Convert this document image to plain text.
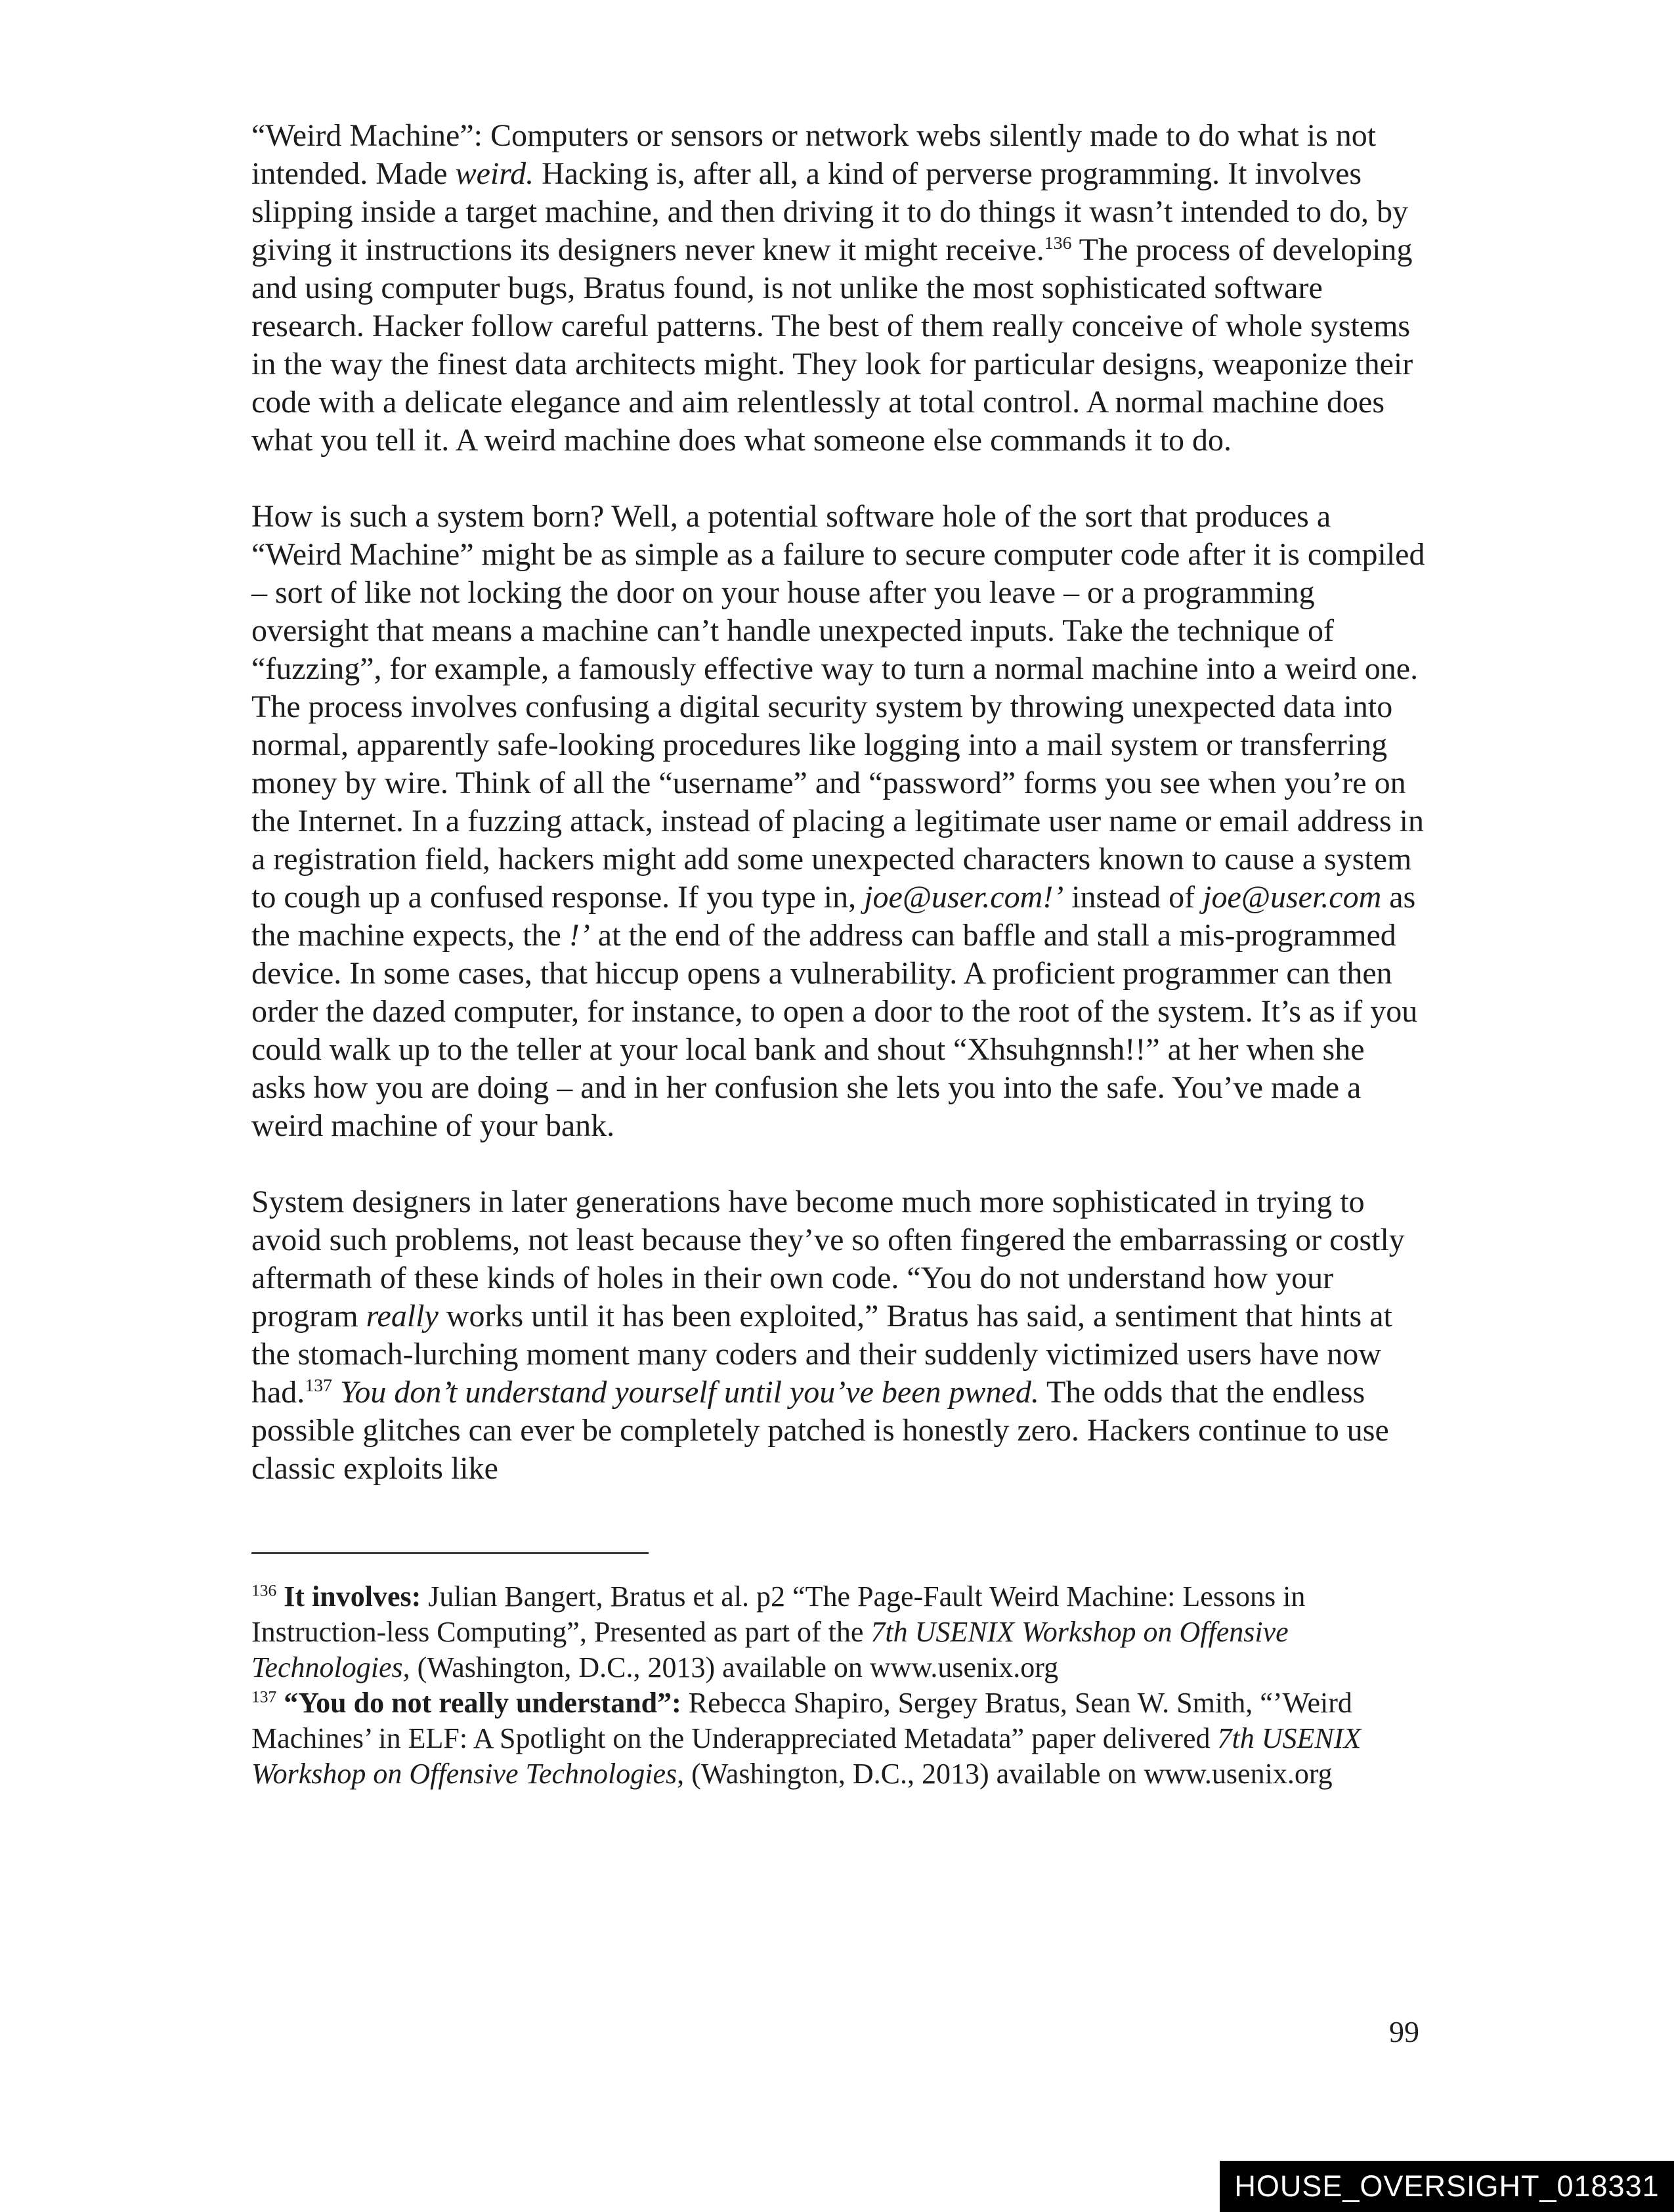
“Weird Machine”: Computers or sensors or network webs silently made to do what is not intended. Made weird. Hacking is, after all, a kind of perverse programming. It involves slipping inside a target machine, and then driving it to do things it wasn’t intended to do, by giving it instructions its designers never knew it might receive.$^{136}$ The process of developing and using computer bugs, Bratus found, is not unlike the most sophisticated software research. Hacker follow careful patterns. The best of them really conceive of whole systems in the way the finest data architects might. They look for particular designs, weaponize their code with a delicate elegance and aim relentlessly at total control. A normal machine does what you tell it. A weird machine does what someone else commands it to do.

How is such a system born? Well, a potential software hole of the sort that produces a “Weird Machine” might be as simple as a failure to secure computer code after it is compiled – sort of like not locking the door on your house after you leave – or a programming oversight that means a machine can’t handle unexpected inputs. Take the technique of “fuzzing”, for example, a famously effective way to turn a normal machine into a weird one. The process involves confusing a digital security system by throwing unexpected data into normal, apparently safe-looking procedures like logging into a mail system or transferring money by wire. Think of all the “username” and “password” forms you see when you’re on the Internet. In a fuzzing attack, instead of placing a legitimate user name or email address in a registration field, hackers might add some unexpected characters known to cause a system to cough up a confused response. If you type in, joe@user.com!’ instead of joe@user.com as the machine expects, the !’ at the end of the address can baffle and stall a mis-programmed device. In some cases, that hiccup opens a vulnerability. A proficient programmer can then order the dazed computer, for instance, to open a door to the root of the system. It’s as if you could walk up to the teller at your local bank and shout “Xhsuhgnnsh!!” at her when she asks how you are doing – and in her confusion she lets you into the safe. You’ve made a weird machine of your bank.

System designers in later generations have become much more sophisticated in trying to avoid such problems, not least because they’ve so often fingered the embarrassing or costly aftermath of these kinds of holes in their own code. “You do not understand how your program really works until it has been exploited,” Bratus has said, a sentiment that hints at the stomach-lurching moment many coders and their suddenly victimized users have now had.$^{137}$ You don’t understand yourself until you’ve been pwned. The odds that the endless possible glitches can ever be completely patched is honestly zero. Hackers continue to use classic exploits like

$^{136}$ It involves: Julian Bangert, Bratus et al. p2 “The Page-Fault Weird Machine: Lessons in Instruction-less Computing”, Presented as part of the 7th USENIX Workshop on Offensive Technologies, (Washington, D.C., 2013) available on www.usenix.org

$^{137}$ “You do not really understand”: Rebecca Shapiro, Sergey Bratus, Sean W. Smith, “’Weird Machines’ in ELF: A Spotlight on the Underappreciated Metadata” paper delivered 7th USENIX Workshop on Offensive Technologies, (Washington, D.C., 2013) available on www.usenix.org

99
HOUSE_OVERSIGHT_018331
